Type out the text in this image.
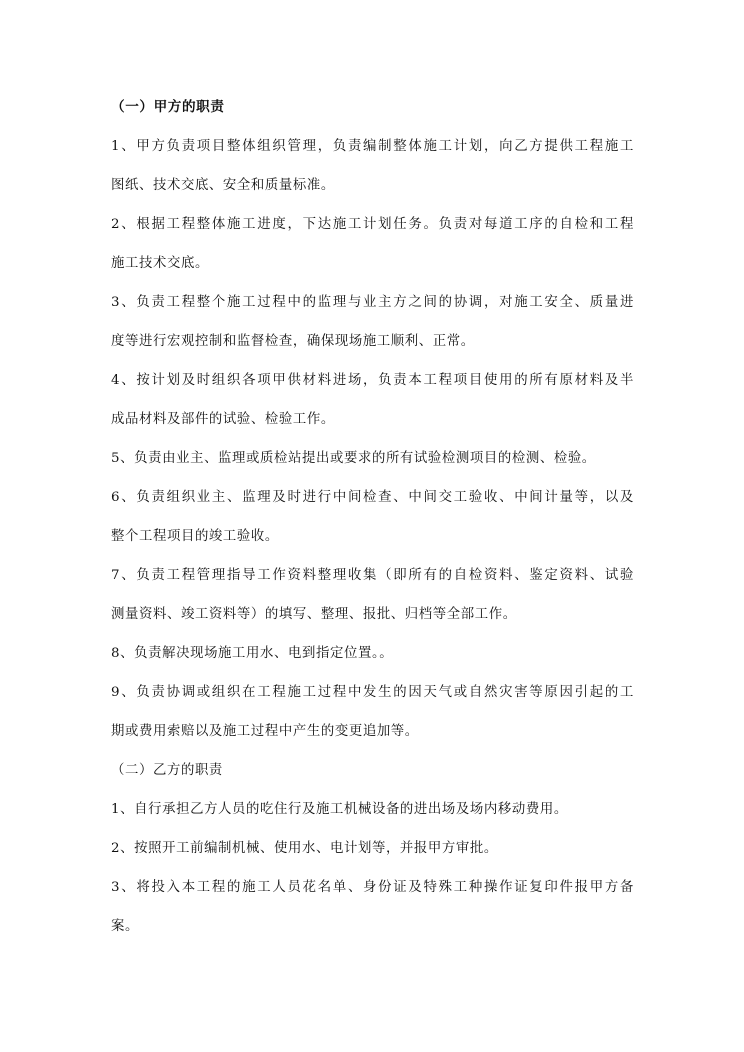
（一）甲方的职责
1、甲方负责项目整体组织管理，负责编制整体施工计划，向乙方提供工程施工
图纸、技术交底、安全和质量标准。
2、根据工程整体施工进度，下达施工计划任务。负责对每道工序的自检和工程
施工技术交底。
3、负责工程整个施工过程中的监理与业主方之间的协调，对施工安全、质量进
度等进行宏观控制和监督检查，确保现场施工顺利、正常。
4、按计划及时组织各项甲供材料进场，负责本工程项目使用的所有原材料及半
成品材料及部件的试验、检验工作。
5、负责由业主、监理或质检站提出或要求的所有试验检测项目的检测、检验。
6、负责组织业主、监理及时进行中间检查、中间交工验收、中间计量等，以及
整个工程项目的竣工验收。
7、负责工程管理指导工作资料整理收集（即所有的自检资料、鉴定资料、试验
测量资料、竣工资料等）的填写、整理、报批、归档等全部工作。
8、负责解决现场施工用水、电到指定位置。。
9、负责协调或组织在工程施工过程中发生的因天气或自然灾害等原因引起的工
期或费用索赔以及施工过程中产生的变更追加等。
（二）乙方的职责
1、自行承担乙方人员的吃住行及施工机械设备的进出场及场内移动费用。
2、按照开工前编制机械、使用水、电计划等，并报甲方审批。
3、将投入本工程的施工人员花名单、身份证及特殊工种操作证复印件报甲方备
案。
